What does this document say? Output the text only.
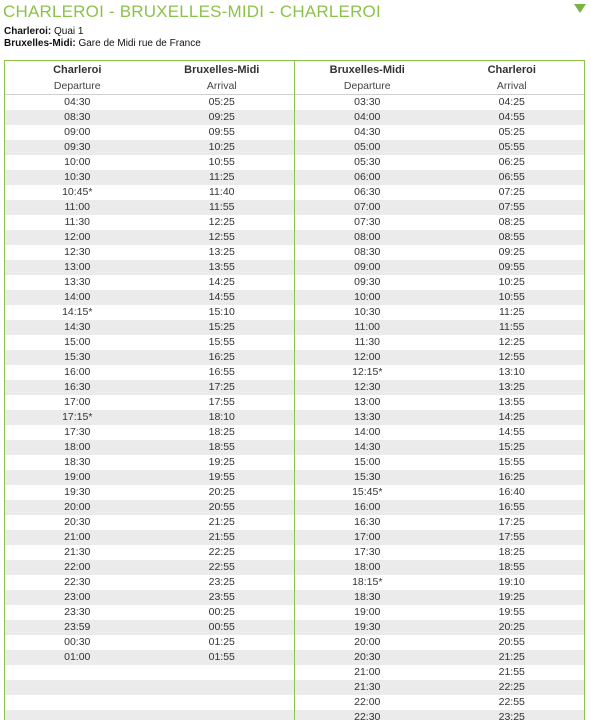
CHARLEROI - BRUXELLES-MIDI - CHARLEROI
Charleroi: Quai 1
Bruxelles-Midi: Gare de Midi rue de France
Charleroi	Bruxelles-Midi
Departure	Arrival
04:30	05:25
08:30	09:25
09:00	09:55
09:30	10:25
10:00	10:55
10:30	11:25
10:45*	11:40
11:00	11:55
11:30	12:25
12:00	12:55
12:30	13:25
13:00	13:55
13:30	14:25
14:00	14:55
14:15*	15:10
14:30	15:25
15:00	15:55
15:30	16:25
16:00	16:55
16:30	17:25
17:00	17:55
17:15*	18:10
17:30	18:25
18:00	18:55
18:30	19:25
19:00	19:55
19:30	20:25
20:00	20:55
20:30	21:25
21:00	21:55
21:30	22:25
22:00	22:55
22:30	23:25
23:00	23:55
23:30	00:25
23:59	00:55
00:30	01:25
01:00	01:55
Bruxelles-Midi	Charleroi
Departure	Arrival
03:30	04:25
04:00	04:55
04:30	05:25
05:00	05:55
05:30	06:25
06:00	06:55
06:30	07:25
07:00	07:55
07:30	08:25
08:00	08:55
08:30	09:25
09:00	09:55
09:30	10:25
10:00	10:55
10:30	11:25
11:00	11:55
11:30	12:25
12:00	12:55
12:15*	13:10
12:30	13:25
13:00	13:55
13:30	14:25
14:00	14:55
14:30	15:25
15:00	15:55
15:30	16:25
15:45*	16:40
16:00	16:55
16:30	17:25
17:00	17:55
17:30	18:25
18:00	18:55
18:15*	19:10
18:30	19:25
19:00	19:55
19:30	20:25
20:00	20:55
20:30	21:25
21:00	21:55
21:30	22:25
22:00	22:55
22:30	23:25
